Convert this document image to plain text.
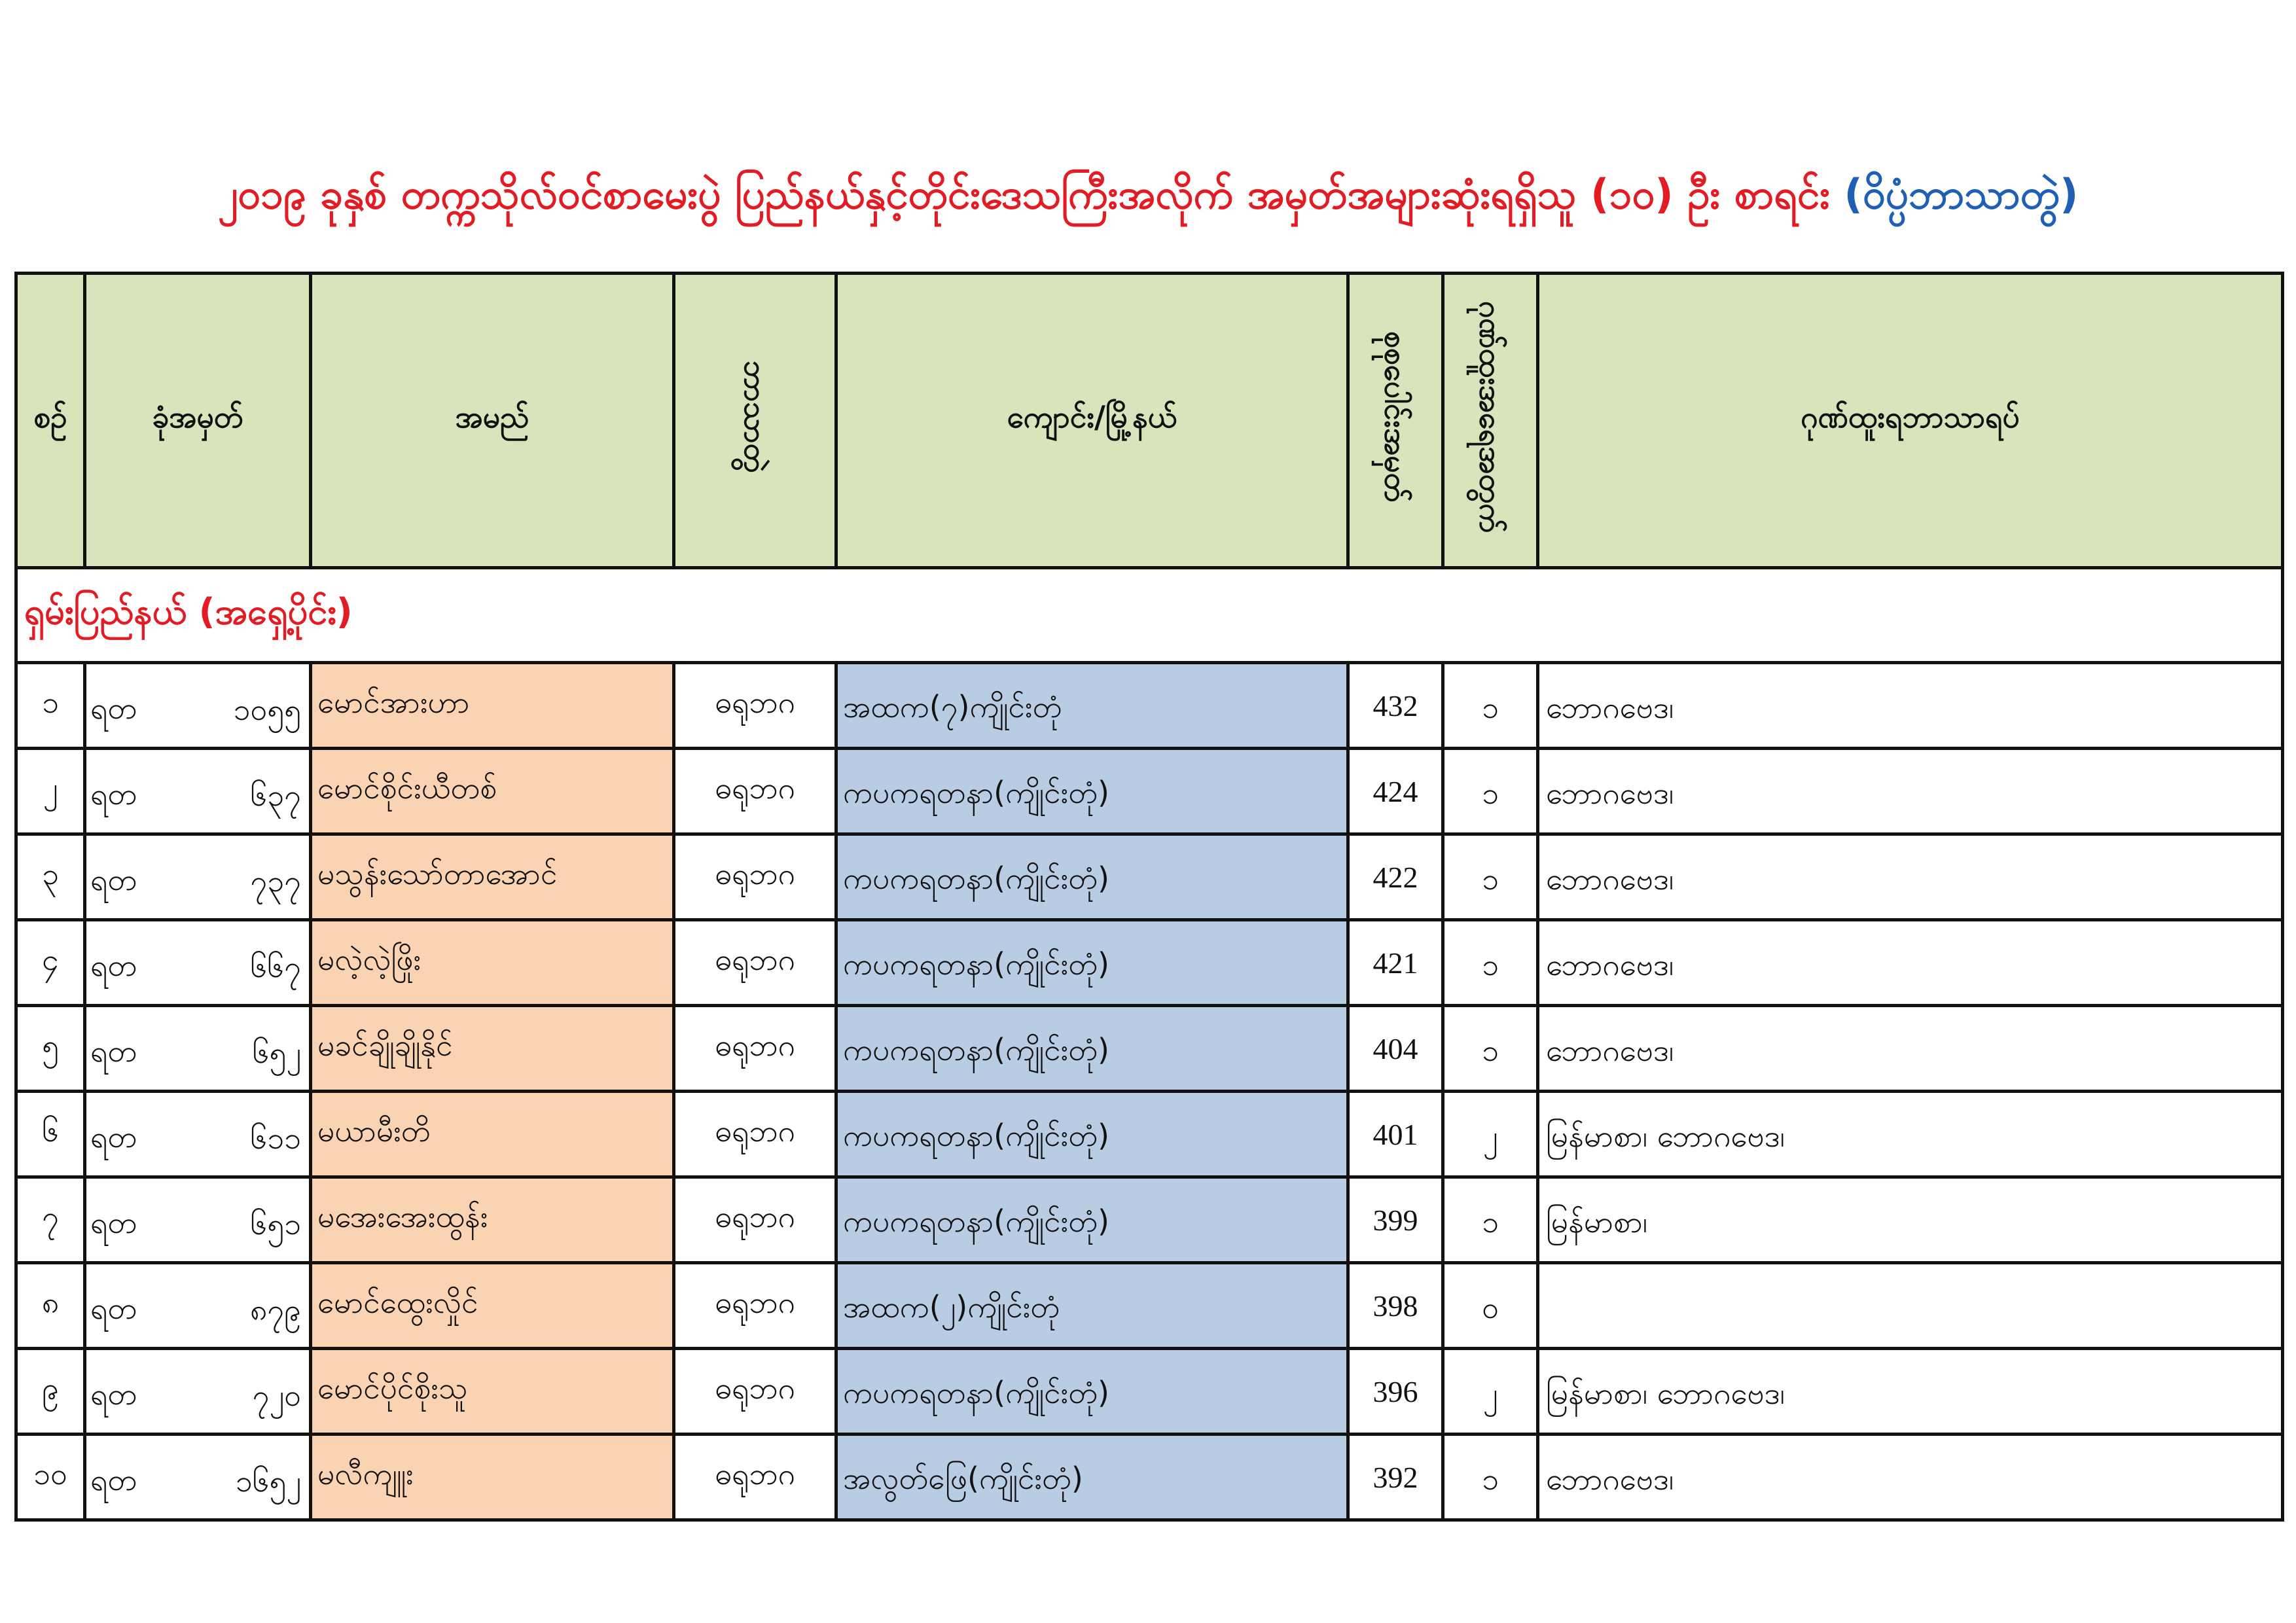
၂၀၁၉ ခုနှစ် တက္ကသိုလ်ဝင်စာမေးပွဲ ပြည်နယ်နှင့်တိုင်းဒေသကြီးအလိုက် အမှတ်အများဆုံးရရှိသူ (၁၀) ဦး စာရင်း (ဝိပ္ပံဘာသာတွဲ)
စဉ်	ခုံအမှတ်	အမည်	ဘာသာတွဲ	ကျောင်း/မြို့နယ်	စုစုပေါင်းအမှတ်	ဂုဏ်ထူးအရေအတွက်	ဂုဏ်ထူးရဘာသာရပ်
ရှမ်းပြည်နယ် (အရှေ့ပိုင်း)							
၁	ရတ ၁၀၅၅	မောင်အားဟာ	ဓရုဘဂ	အထက(၇)ကျိုင်းတုံ	432	၁	ဘောဂဗေဒ၊
၂	ရတ ၆၃၇	မောင်စိုင်းယီတစ်	ဓရုဘဂ	ကပကရတနာ(ကျိုင်းတုံ)	424	၁	ဘောဂဗေဒ၊
၃	ရတ ၇၃၇	မသွန်းသော်တာအောင်	ဓရုဘဂ	ကပကရတနာ(ကျိုင်းတုံ)	422	၁	ဘောဂဗေဒ၊
၄	ရတ ၆၆၇	မလဲ့လဲ့ဖြိုး	ဓရုဘဂ	ကပကရတနာ(ကျိုင်းတုံ)	421	၁	ဘောဂဗေဒ၊
၅	ရတ ၆၅၂	မခင်ချိုချိုနိုင်	ဓရုဘဂ	ကပကရတနာ(ကျိုင်းတုံ)	404	၁	ဘောဂဗေဒ၊
၆	ရတ ၆၁၁	မယာမီးတိ	ဓရုဘဂ	ကပကရတနာ(ကျိုင်းတုံ)	401	၂	မြန်မာစာ၊ ဘောဂဗေဒ၊
၇	ရတ ၆၅၁	မအေးအေးထွန်း	ဓရုဘဂ	ကပကရတနာ(ကျိုင်းတုံ)	399	၁	မြန်မာစာ၊
၈	ရတ ၈၇၉	မောင်ထွေးလှိုင်	ဓရုဘဂ	အထက(၂)ကျိုင်းတုံ	398	၀	
၉	ရတ ၇၂၀	မောင်ပိုင်စိုးသူ	ဓရုဘဂ	ကပကရတနာ(ကျိုင်းတုံ)	396	၂	မြန်မာစာ၊ ဘောဂဗေဒ၊
၁၀	ရတ ၁၆၅၂	မလီကျူး	ဓရုဘဂ	အလွတ်ဖြေ(ကျိုင်းတုံ)	392	၁	ဘောဂဗေဒ၊
